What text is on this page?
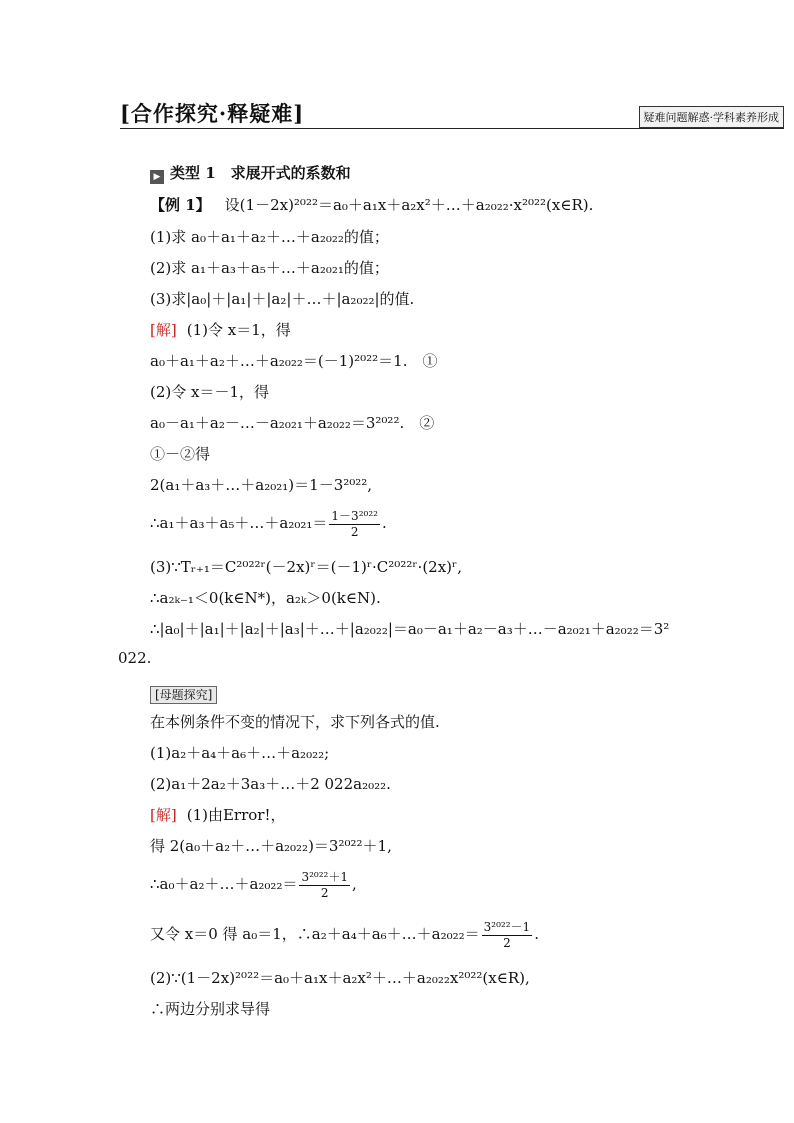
[合作探究·释疑难]	疑难问题解惑·学科素养形成
▶ 类型 1　求展开式的系数和
【例 1】 设(1－2x)²⁰²²＝a₀＋a₁x＋a₂x²＋…＋a₂₀₂₂·x²⁰²²(x∈R).
(1)求 a₀＋a₁＋a₂＋…＋a₂₀₂₂的值；
(2)求 a₁＋a₃＋a₅＋…＋a₂₀₂₁的值；
(3)求|a₀|＋|a₁|＋|a₂|＋…＋|a₂₀₂₂|的值.
[解] (1)令 x＝1，得
a₀＋a₁＋a₂＋…＋a₂₀₂₂＝(－1)²⁰²²＝1.　①
(2)令 x＝－1，得
a₀－a₁＋a₂－…－a₂₀₂₁＋a₂₀₂₂＝3²⁰²².　②
①－②得
2(a₁＋a₃＋…＋a₂₀₂₁)＝1－3²⁰²²,
∴a₁＋a₃＋a₅＋…＋a₂₀₂₁＝ $\frac{\text{1－3²⁰²²}}{2}$ .
(3)∵Tᵣ₊₁＝C²⁰²²ʳ(－2x)ʳ＝(－1)ʳ·C²⁰²²ʳ·(2x)ʳ,
∴a₂ₖ₋₁＜0(k∈N*)，a₂ₖ＞0(k∈N).
∴|a₀|＋|a₁|＋|a₂|＋|a₃|＋…＋|a₂₀₂₂|＝a₀－a₁＋a₂－a₃＋…－a₂₀₂₁＋a₂₀₂₂＝3²
022.
[母题探究]
在本例条件不变的情况下，求下列各式的值.
(1)a₂＋a₄＋a₆＋…＋a₂₀₂₂;
(2)a₁＋2a₂＋3a₃＋…＋2 022a₂₀₂₂.
[解] (1)由Error!，
得 2(a₀＋a₂＋…＋a₂₀₂₂)＝3²⁰²²＋1,
∴a₀＋a₂＋…＋a₂₀₂₂＝ $\frac{\text{3²⁰²²＋1}}{2}$ ,
又令 x＝0 得 a₀＝1，∴a₂＋a₄＋a₆＋…＋a₂₀₂₂＝ $\frac{\text{3²⁰²²－1}}{2}$ .
(2)∵(1－2x)²⁰²²＝a₀＋a₁x＋a₂x²＋…＋a₂₀₂₂x²⁰²²(x∈R),
∴两边分别求导得
